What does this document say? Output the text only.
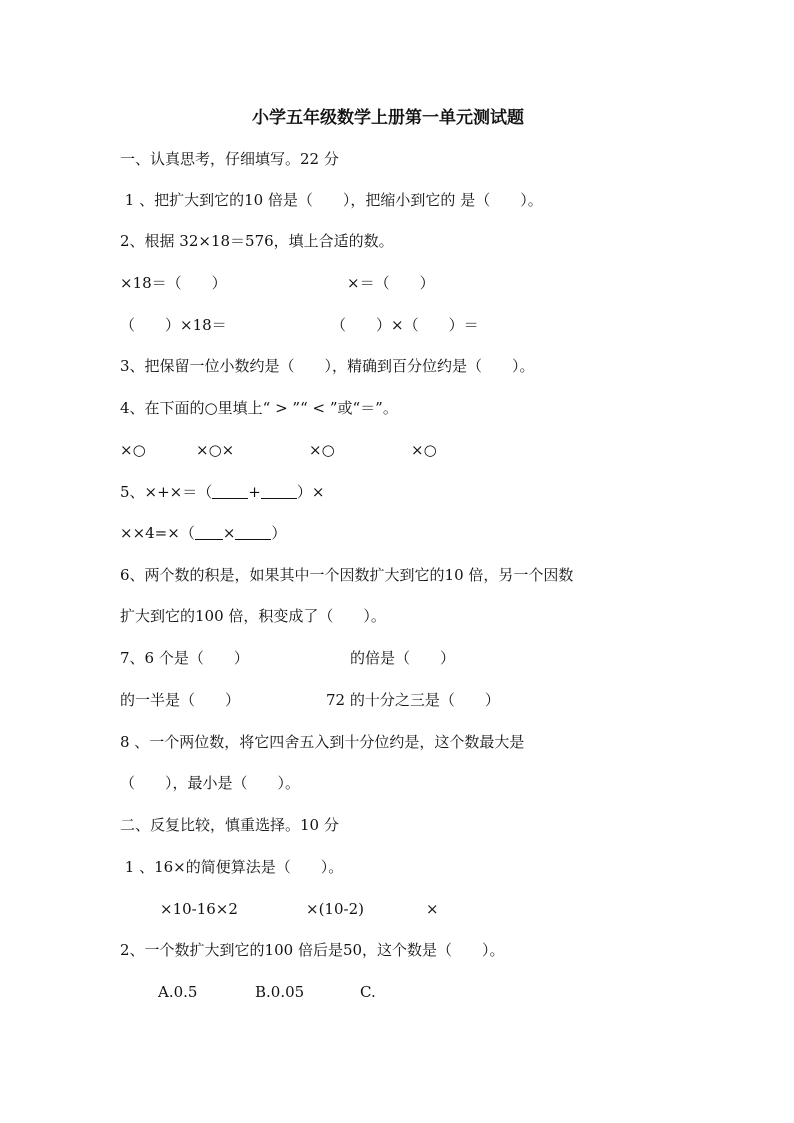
小学五年级数学上册第一单元测试题
一、认真思考，仔细填写。22 分
1 、把扩大到它的10 倍是（　　），把缩小到它的 是（　　）。
2、根据 32×18＝576，填上合适的数。
×18＝（　　）	×＝（　　）
（　　）×18＝	（　　）×（　　）＝
3、把保留一位小数约是（　　），精确到百分位约是（　　）。
4、在下面的○里填上“ > ”“ < ”或“＝”。
×○	×○×	×○	×○
5、×+×＝（ + ）×
××4=×（ × ）
6、两个数的积是，如果其中一个因数扩大到它的10 倍，另一个因数
扩大到它的100 倍，积变成了（　　）。
7、6 个是（　　）	的倍是（　　）
的一半是（　　）	72 的十分之三是（　　）
8 、一个两位数，将它四舍五入到十分位约是，这个数最大是
（　　），最小是（　　）。
二、反复比较，慎重选择。10 分
1 、16×的简便算法是（　　）。
×10-16×2	×(10-2)	×
2、一个数扩大到它的100 倍后是50，这个数是（　　）。
A.0.5	B.0.05	C.
